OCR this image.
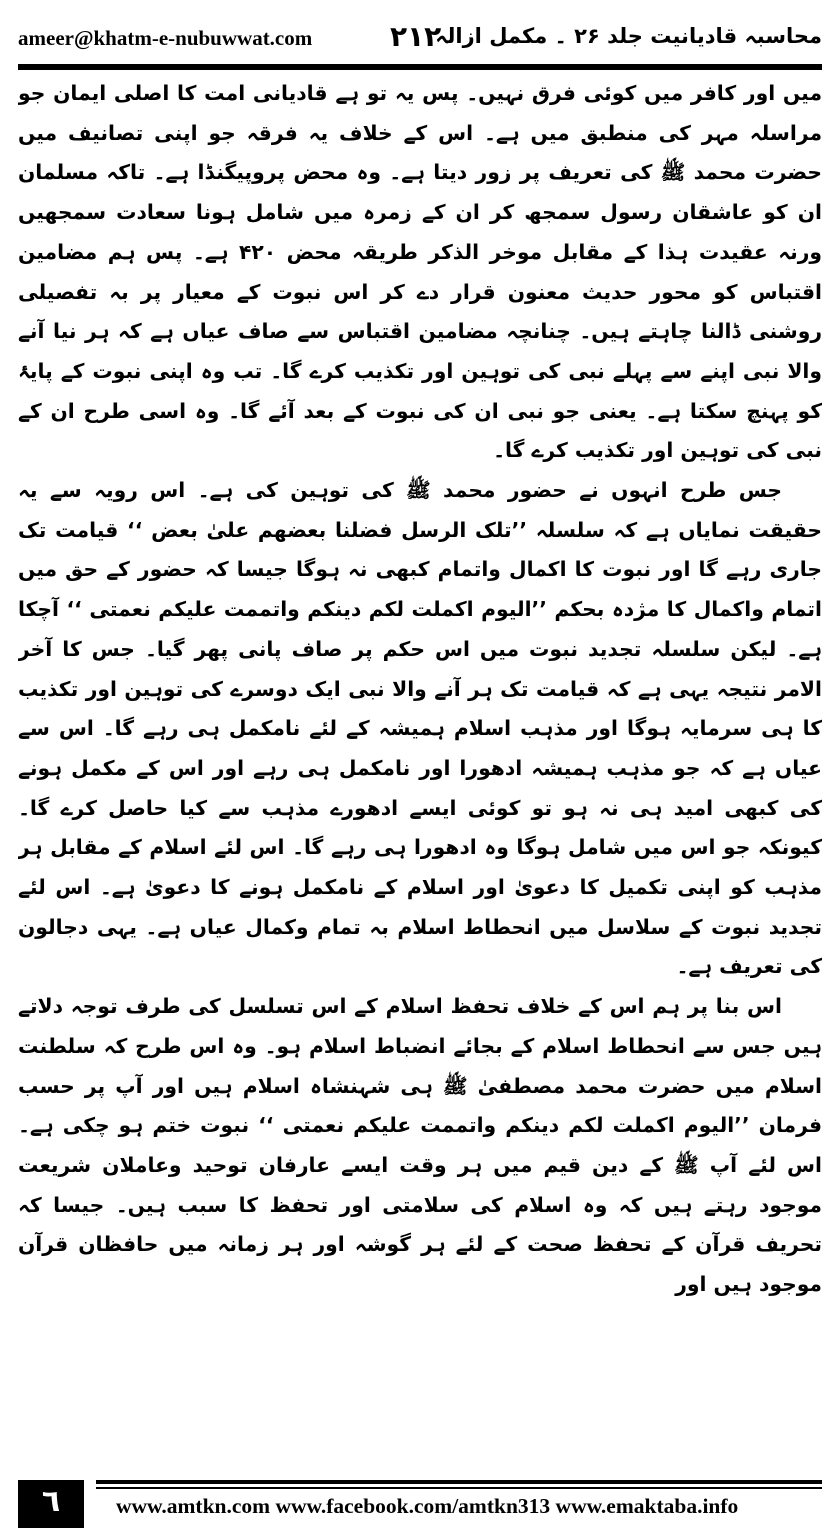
ameer@khatm-e-nubuwwat.com	۲۱۲
محاسبہ قادیانیت جلد ۲۶ ۔ مکمل ازالہ

میں اور کافر میں کوئی فرق نہیں۔ پس یہ تو ہے قادیانی امت کا اصلی ایمان جو مراسلہ مہر کی منطبق میں ہے۔ اس کے خلاف یہ فرقہ جو اپنی تصانیف میں حضرت محمد ﷺ کی تعریف پر زور دیتا ہے۔ وہ محض پروپیگنڈا ہے۔ تاکہ مسلمان ان کو عاشقان رسول سمجھ کر ان کے زمرہ میں شامل ہونا سعادت سمجھیں ورنہ عقیدت ہذا کے مقابل موخر الذکر طریقہ محض ۴۲۰ ہے۔ پس ہم مضامین اقتباس کو محور حدیث معنون قرار دے کر اس نبوت کے معیار پر بہ تفصیلی روشنی ڈالنا چاہتے ہیں۔ چنانچہ مضامین اقتباس سے صاف عیاں ہے کہ ہر نیا آنے والا نبی اپنے سے پہلے نبی کی توہین اور تکذیب کرے گا۔ تب وہ اپنی نبوت کے پایۂ کو پہنچ سکتا ہے۔ یعنی جو نبی ان کی نبوت کے بعد آئے گا۔ وہ اسی طرح ان کے نبی کی توہین اور تکذیب کرے گا۔

جس طرح انہوں نے حضور محمد ﷺ کی توہین کی ہے۔ اس رویہ سے یہ حقیقت نمایاں ہے کہ سلسلہ ’’تلک الرسل فضلنا بعضھم علیٰ بعض ‘‘ قیامت تک جاری رہے گا اور نبوت کا اکمال واتمام کبھی نہ ہوگا جیسا کہ حضور کے حق میں اتمام واکمال کا مژدہ بحکم ’’الیوم اکملت لکم دینکم واتممت علیکم نعمتی ‘‘ آچکا ہے۔ لیکن سلسلہ تجدید نبوت میں اس حکم پر صاف پانی پھر گیا۔ جس کا آخر الامر نتیجہ یہی ہے کہ قیامت تک ہر آنے والا نبی ایک دوسرے کی توہین اور تکذیب کا ہی سرمایہ ہوگا اور مذہب اسلام ہمیشہ کے لئے نامکمل ہی رہے گا۔ اس سے عیاں ہے کہ جو مذہب ہمیشہ ادھورا اور نامکمل ہی رہے اور اس کے مکمل ہونے کی کبھی امید ہی نہ ہو تو کوئی ایسے ادھورے مذہب سے کیا حاصل کرے گا۔ کیونکہ جو اس میں شامل ہوگا وہ ادھورا ہی رہے گا۔ اس لئے اسلام کے مقابل ہر مذہب کو اپنی تکمیل کا دعویٰ اور اسلام کے نامکمل ہونے کا دعویٰ ہے۔ اس لئے تجدید نبوت کے سلاسل میں انحطاط اسلام بہ تمام وکمال عیاں ہے۔ یہی دجالون کی تعریف ہے۔

اس بنا پر ہم اس کے خلاف تحفظ اسلام کے اس تسلسل کی طرف توجہ دلاتے ہیں جس سے انحطاط اسلام کے بجائے انضباط اسلام ہو۔ وہ اس طرح کہ سلطنت اسلام میں حضرت محمد مصطفیٰ ﷺ ہی شہنشاہ اسلام ہیں اور آپ پر حسب فرمان ’’الیوم اکملت لکم دینکم واتممت علیکم نعمتی ‘‘ نبوت ختم ہو چکی ہے۔ اس لئے آپ ﷺ کے دین قیم میں ہر وقت ایسے عارفان توحید وعاملان شریعت موجود رہتے ہیں کہ وہ اسلام کی سلامتی اور تحفظ کا سبب ہیں۔ جیسا کہ تحریف قرآن کے تحفظ صحت کے لئے ہر گوشہ اور ہر زمانہ میں حافظان قرآن موجود ہیں اور

٦	www.amtkn.com www.facebook.com/amtkn313 www.emaktaba.info
